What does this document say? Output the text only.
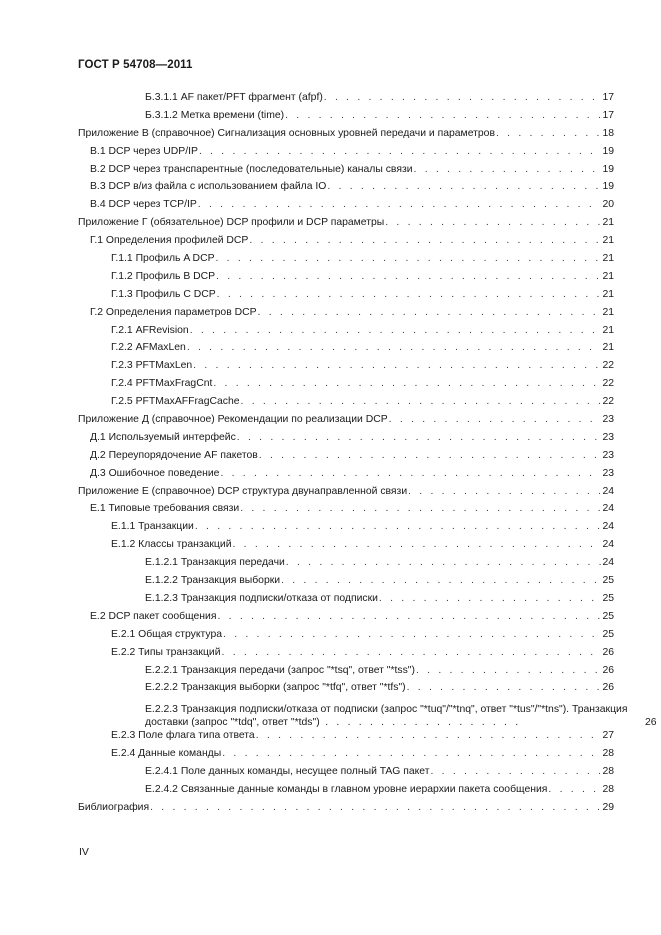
ГОСТ Р 54708—2011
Б.3.1.1 AF пакет/PFT фрагмент (afpf) . . .	17
Б.3.1.2 Метка времени (time) . . .	17
Приложение В (справочное) Сигнализация основных уровней передачи и параметров . . .	18
В.1 DCP через UDP/IP . . .	19
В.2 DCP через транспарентные (последовательные) каналы связи . . .	19
В.3 DCP в/из файла с использованием файла IO . . .	19
В.4 DCP через TCP/IP . . .	20
Приложение Г (обязательное) DCP профили и DCP параметры . . .	21
Г.1 Определения профилей DCP . . .	21
Г.1.1 Профиль A DCP . . .	21
Г.1.2 Профиль B DCP . . .	21
Г.1.3 Профиль C DCP . . .	21
Г.2 Определения параметров DCP . . .	21
Г.2.1 AFRevision . . .	21
Г.2.2 AFMaxLen . . .	21
Г.2.3 PFTMaxLen . . .	22
Г.2.4 PFTMaxFragCnt . . .	22
Г.2.5 PFTMaxAFFragCache . . .	22
Приложение Д (справочное) Рекомендации по реализации DCP . . .	23
Д.1 Используемый интерфейс . . .	23
Д.2 Переупорядочение AF пакетов . . .	23
Д.3 Ошибочное поведение . . .	23
Приложение Е (справочное) DCP структура двунаправленной связи . . .	24
Е.1 Типовые требования связи . . .	24
Е.1.1 Транзакции . . .	24
Е.1.2 Классы транзакций . . .	24
Е.1.2.1 Транзакция передачи . . .	24
Е.1.2.2 Транзакция выборки . . .	25
Е.1.2.3 Транзакция подписки/отказа от подписки . . .	25
Е.2 DCP пакет сообщения . . .	25
Е.2.1 Общая структура . . .	25
Е.2.2 Типы транзакций . . .	26
Е.2.2.1 Транзакция передачи (запрос "*tsq", ответ "*tss") . . .	26
Е.2.2.2 Транзакция выборки (запрос "*tfq", ответ "*tfs") . . .	26
Е.2.2.3 Транзакция подписки/отказа от подписки (запрос "*tuq"/"*tnq", ответ "*tus"/"*tns"). Транзакция доставки (запрос "*tdq", ответ "*tds") . . . . . . . . . . . . . . . . . .	26
Е.2.3 Поле флага типа ответа . . .	27
Е.2.4 Данные команды . . .	28
Е.2.4.1 Поле данных команды, несущее полный TAG пакет . . .	28
Е.2.4.2 Связанные данные команды в главном уровне иерархии пакета сообщения . . .	28
Библиография . . .	29
IV
